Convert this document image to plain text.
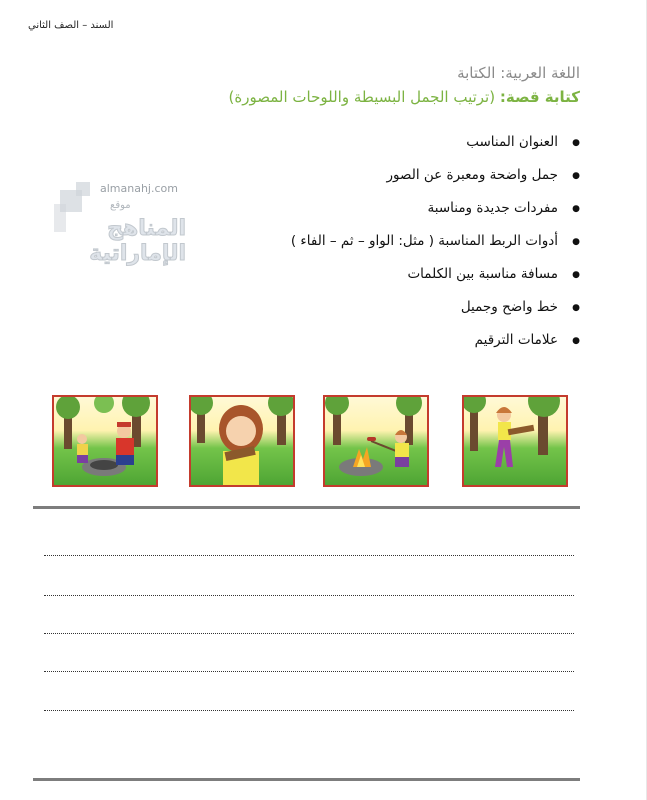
السند – الصف الثاني
اللغة العربية: الكتابة
كتابة قصة: (ترتيب الجمل البسيطة واللوحات المصورة)
almanahj.com
موقع
المناهج الإماراتية
● العنوان المناسب
● جمل واضحة ومعبرة عن الصور
● مفردات جديدة ومناسبة
● أدوات الربط المناسبة ( مثل: الواو – ثم – الفاء )
● مسافة مناسبة بين الكلمات
● خط واضح وجميل
● علامات الترقيم
